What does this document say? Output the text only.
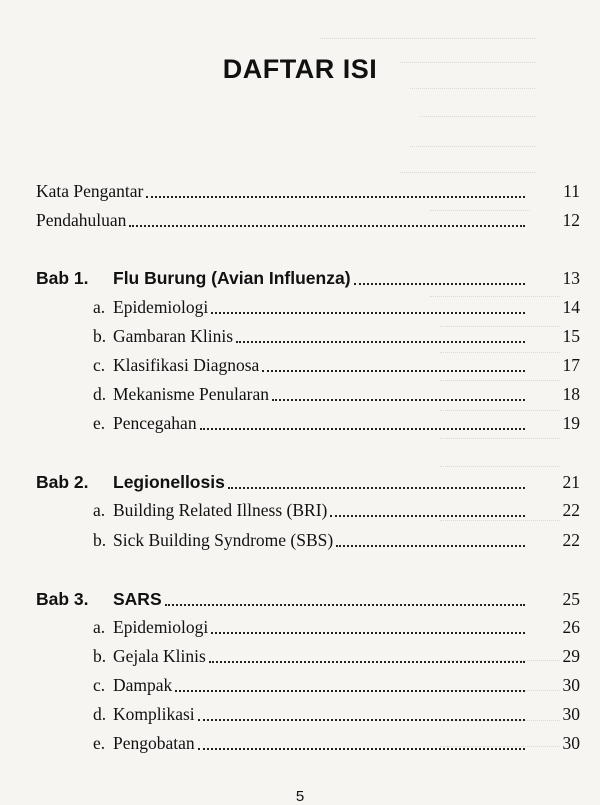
DAFTAR ISI
Kata Pengantar	11
Pendahuluan	12
Bab 1. Flu Burung (Avian Influenza)	13
a. Epidemiologi	14
b. Gambaran Klinis	15
c. Klasifikasi Diagnosa	17
d. Mekanisme Penularan	18
e. Pencegahan	19
Bab 2. Legionellosis	21
a. Building Related Illness (BRI)	22
b. Sick Building Syndrome (SBS)	22
Bab 3. SARS	25
a. Epidemiologi	26
b. Gejala Klinis	29
c. Dampak	30
d. Komplikasi	30
e. Pengobatan	30
5
